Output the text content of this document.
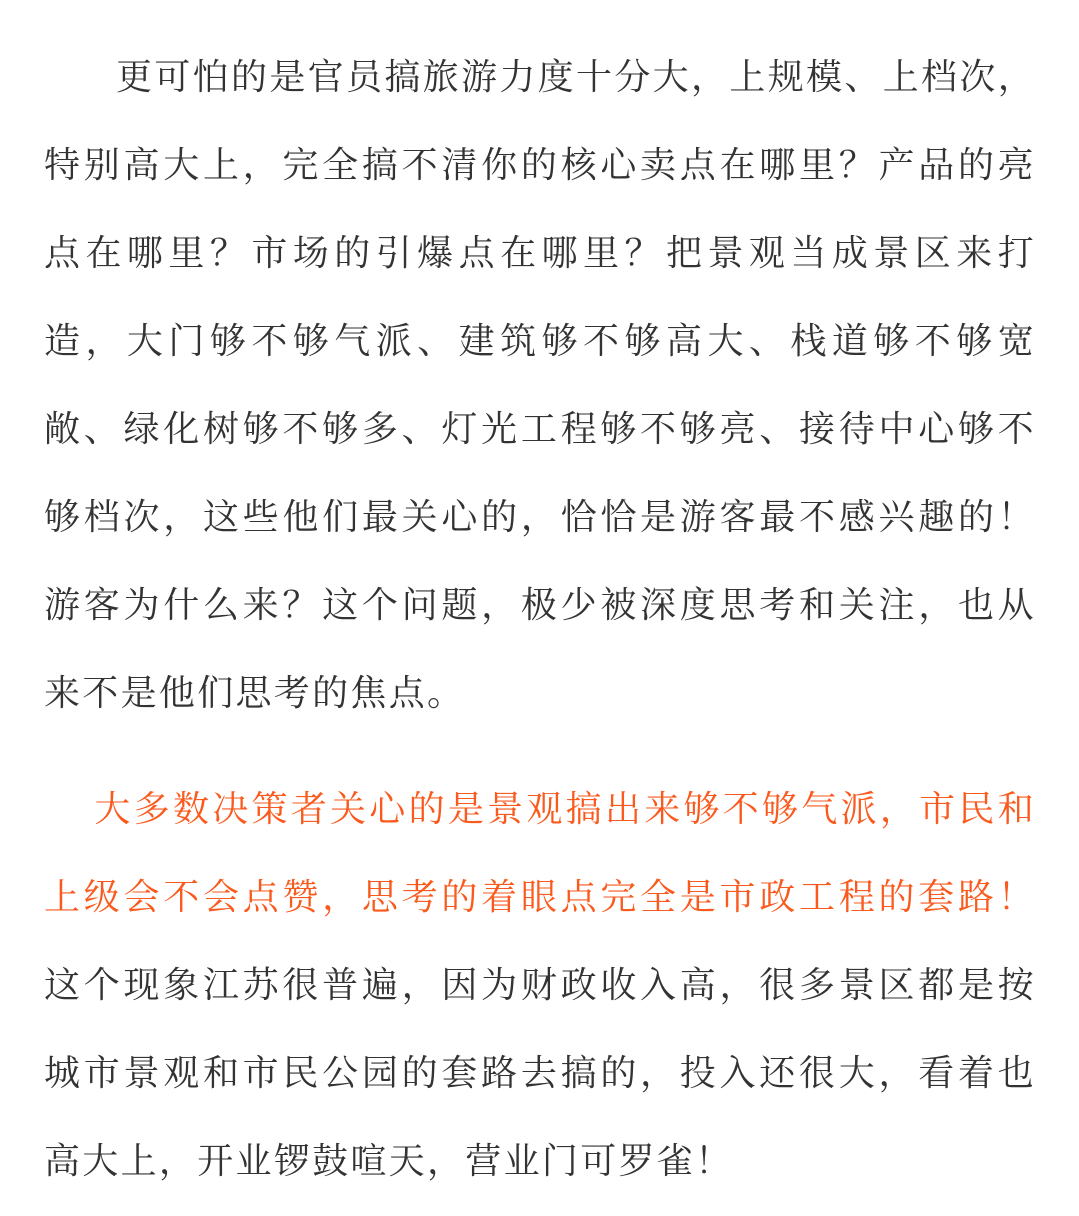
更可怕的是官员搞旅游力度十分大，上规模、上档次，特别高大上，完全搞不清你的核心卖点在哪里？产品的亮点在哪里？市场的引爆点在哪里？把景观当成景区来打造，大门够不够气派、建筑够不够高大、栈道够不够宽敞、绿化树够不够多、灯光工程够不够亮、接待中心够不够档次，这些他们最关心的，恰恰是游客最不感兴趣的！游客为什么来？这个问题，极少被深度思考和关注，也从来不是他们思考的焦点。

大多数决策者关心的是景观搞出来够不够气派，市民和上级会不会点赞，思考的着眼点完全是市政工程的套路！这个现象江苏很普遍，因为财政收入高，很多景区都是按城市景观和市民公园的套路去搞的，投入还很大，看着也高大上，开业锣鼓喧天，营业门可罗雀！
